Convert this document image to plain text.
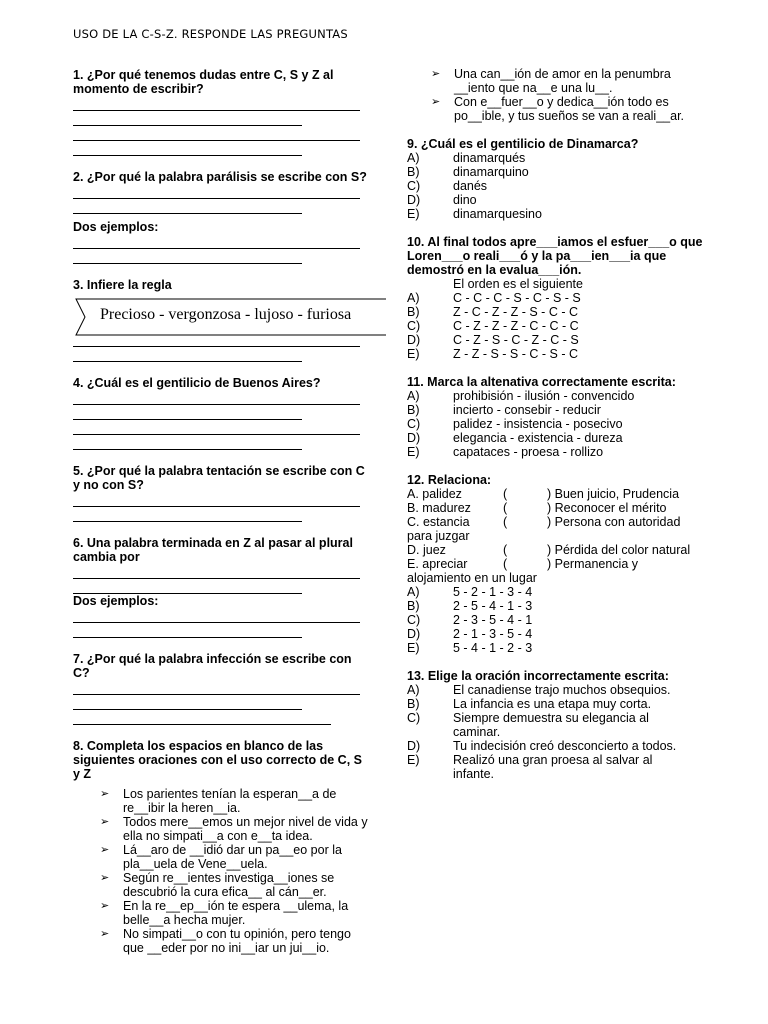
USO DE LA C-S-Z. RESPONDE LAS PREGUNTAS
1. ¿Por qué tenemos dudas entre C, S y Z al momento de escribir?
2. ¿Por qué la palabra parálisis se escribe con S?
Dos ejemplos:
3. Infiere la regla
Precioso - vergonzosa - lujoso - furiosa
4. ¿Cuál es el gentilicio de Buenos Aires?
5. ¿Por qué la palabra tentación se escribe con C y no con S?
6. Una palabra terminada en Z al pasar al plural cambia por
Dos ejemplos:
7. ¿Por qué la palabra infección se escribe con C?
8. Completa los espacios en blanco de las siguientes oraciones con el uso correcto de C, S y Z
➢	Los parientes tenían la esperan__a de re__ibir la heren__ia.
➢	Todos mere__emos un mejor nivel de vida y ella no simpati__a con e__ta idea.
➢	Lá__aro de __idió dar un pa__eo por la pla__uela de Vene__uela.
➢	Según re__ientes investiga__iones se descubrió la cura efica__ al cán__er.
➢	En la re__ep__ión te espera __ulema, la belle__a hecha mujer.
➢	No simpati__o con tu opinión, pero tengo que __eder por no ini__iar un jui__io.
➢	Una can__ión de amor en la penumbra __iento que na__e una lu__.
➢	Con e__fuer__o y dedica__ión todo es po__ible, y tus sueños se van a reali__ar.
9. ¿Cuál es el gentilicio de Dinamarca?
A)	dinamarqués
B)	dinamarquino
C)	danés
D)	dino
E)	dinamarquesino
10. Al final todos apre___iamos el esfuer___o que Loren___o reali___ó y la pa___ien___ia que demostró en la evalua___ión.
El orden es el siguiente
A)	C - C - C - S - C - S - S
B)	Z - C - Z - Z - S - C - C
C)	C - Z - Z - Z - C - C - C
D)	C - Z - S - C - Z - C - S
E)	Z - Z - S - S - C - S - C
11. Marca la altenativa correctamente escrita:
A)	prohibisión - ilusión - convencido
B)	incierto - consebir - reducir
C)	palidez - insistencia - posecivo
D)	elegancia - existencia - dureza
E)	capataces - proesa - rollizo
12. Relaciona:
A. palidez	(	) Buen juicio, Prudencia
B. madurez	(	) Reconocer el mérito
C. estancia	(	) Persona con autoridad
para juzgar
D. juez	(	) Pérdida del color natural
E. apreciar	(	) Permanencia y
alojamiento en un lugar
A)	5 - 2 - 1 - 3 - 4
B)	2 - 5 - 4 - 1 - 3
C)	2 - 3 - 5 - 4 - 1
D)	2 - 1 - 3 - 5 - 4
E)	5 - 4 - 1 - 2 - 3
13. Elige la oración incorrectamente escrita:
A)	El canadiense trajo muchos obsequios.
B)	La infancia es una etapa muy corta.
C)	Siempre demuestra su elegancia al caminar.
D)	Tu indecisión creó desconcierto a todos.
E)	Realizó una gran proesa al salvar al infante.
